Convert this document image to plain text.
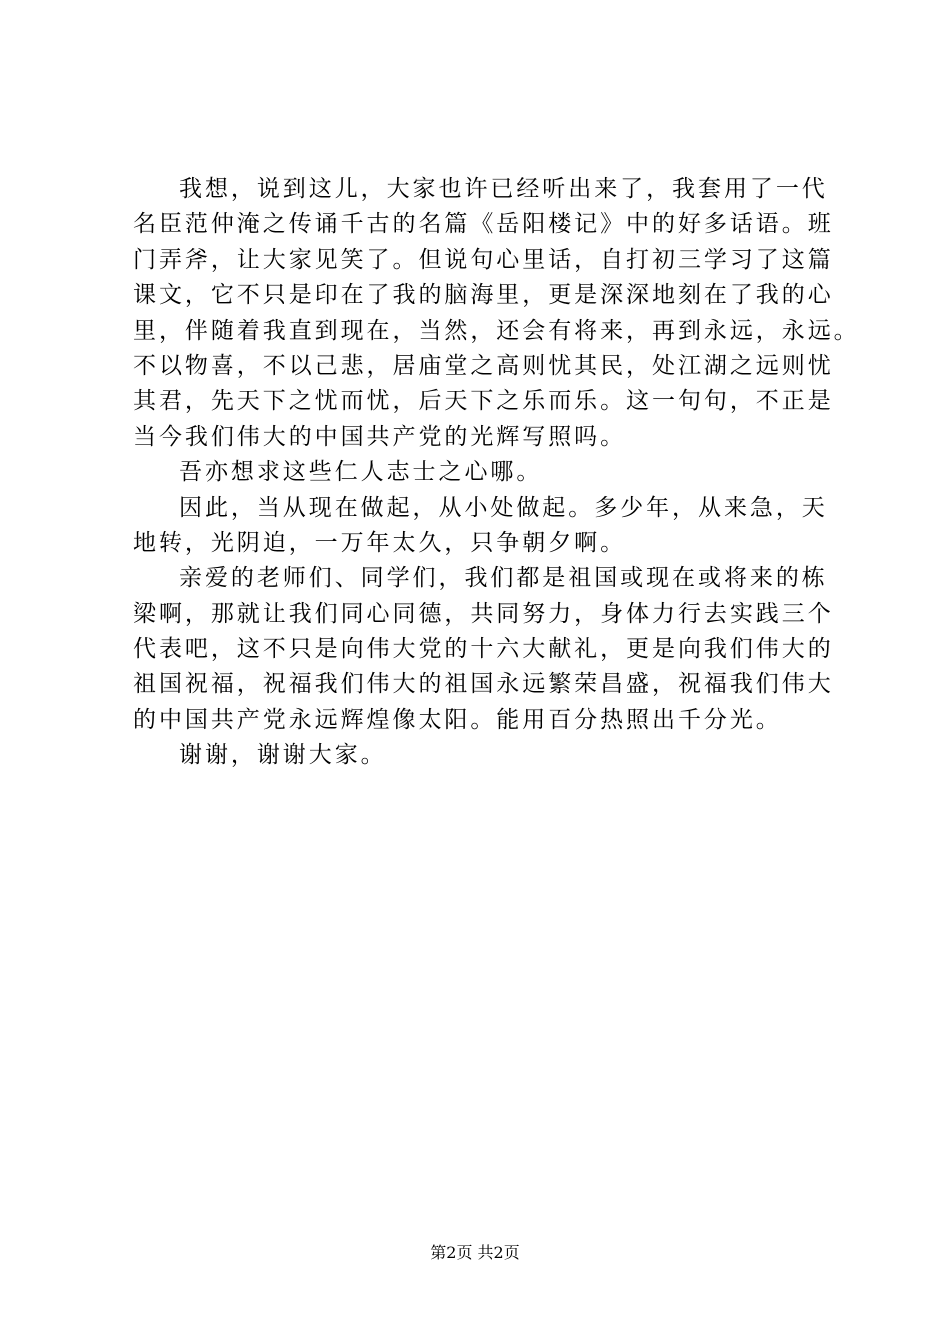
我想，说到这儿，大家也许已经听出来了，我套用了一代
名臣范仲淹之传诵千古的名篇《岳阳楼记》中的好多话语。班
门弄斧，让大家见笑了。但说句心里话，自打初三学习了这篇
课文，它不只是印在了我的脑海里，更是深深地刻在了我的心
里，伴随着我直到现在，当然，还会有将来，再到永远，永远。
不以物喜，不以己悲，居庙堂之高则忧其民，处江湖之远则忧
其君，先天下之忧而忧，后天下之乐而乐。这一句句，不正是
当今我们伟大的中国共产党的光辉写照吗。
吾亦想求这些仁人志士之心哪。
因此，当从现在做起，从小处做起。多少年，从来急，天
地转，光阴迫，一万年太久，只争朝夕啊。
亲爱的老师们、同学们，我们都是祖国或现在或将来的栋
梁啊，那就让我们同心同德，共同努力，身体力行去实践三个
代表吧，这不只是向伟大党的十六大献礼，更是向我们伟大的
祖国祝福，祝福我们伟大的祖国永远繁荣昌盛，祝福我们伟大
的中国共产党永远辉煌像太阳。能用百分热照出千分光。
谢谢，谢谢大家。
第2页 共2页
